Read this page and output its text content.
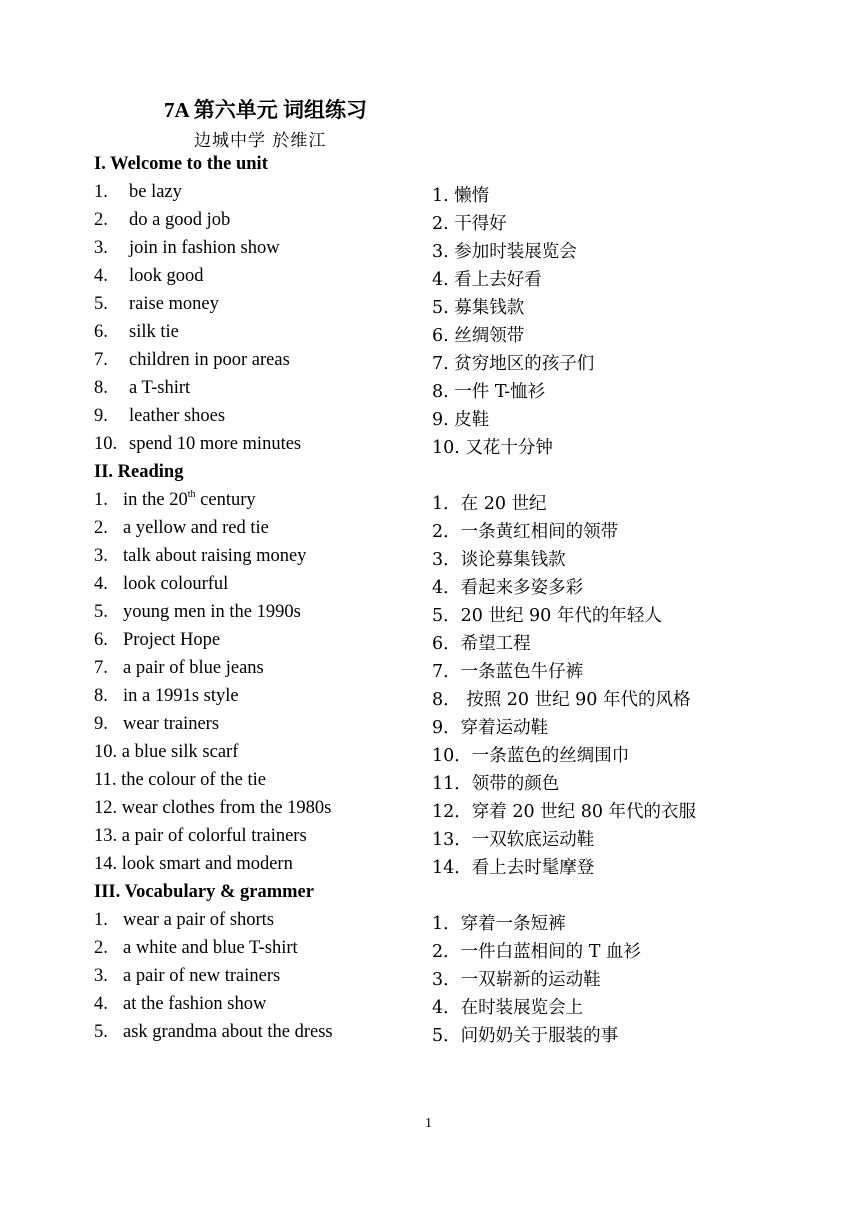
7A 第六单元 词组练习
边城中学 於维江
I. Welcome to the unit
1. be lazy	1. 懒惰
2. do a good job	2. 干得好
3. join in fashion show	3. 参加时装展览会
4. look good	4. 看上去好看
5. raise money	5. 募集钱款
6. silk tie	6. 丝绸领带
7. children in poor areas	7. 贫穷地区的孩子们
8. a T-shirt	8. 一件 T-恤衫
9. leather shoes	9. 皮鞋
10. spend 10 more minutes	10. 又花十分钟
II. Reading
1. in the 20th century	1．在 20 世纪
2. a yellow and red tie	2．一条黄红相间的领带
3. talk about raising money	3．谈论募集钱款
4. look colourful	4．看起来多姿多彩
5. young men in the 1990s	5．20 世纪 90 年代的年轻人
6. Project Hope	6．希望工程
7. a pair of blue jeans	7．一条蓝色牛仔裤
8. in a 1991s style	8． 按照 20 世纪 90 年代的风格
9. wear trainers	9．穿着运动鞋
10. a blue silk scarf	10．一条蓝色的丝绸围巾
11. the colour of the tie	11．领带的颜色
12. wear clothes from the 1980s	12．穿着 20 世纪 80 年代的衣服
13. a pair of colorful trainers	13．一双软底运动鞋
14. look smart and modern	14．看上去时髦摩登
III. Vocabulary & grammer
1. wear a pair of shorts	1．穿着一条短裤
2. a white and blue T-shirt	2．一件白蓝相间的 T 血衫
3. a pair of new trainers	3．一双崭新的运动鞋
4. at the fashion show	4．在时装展览会上
5. ask grandma about the dress	5．问奶奶关于服装的事
1
